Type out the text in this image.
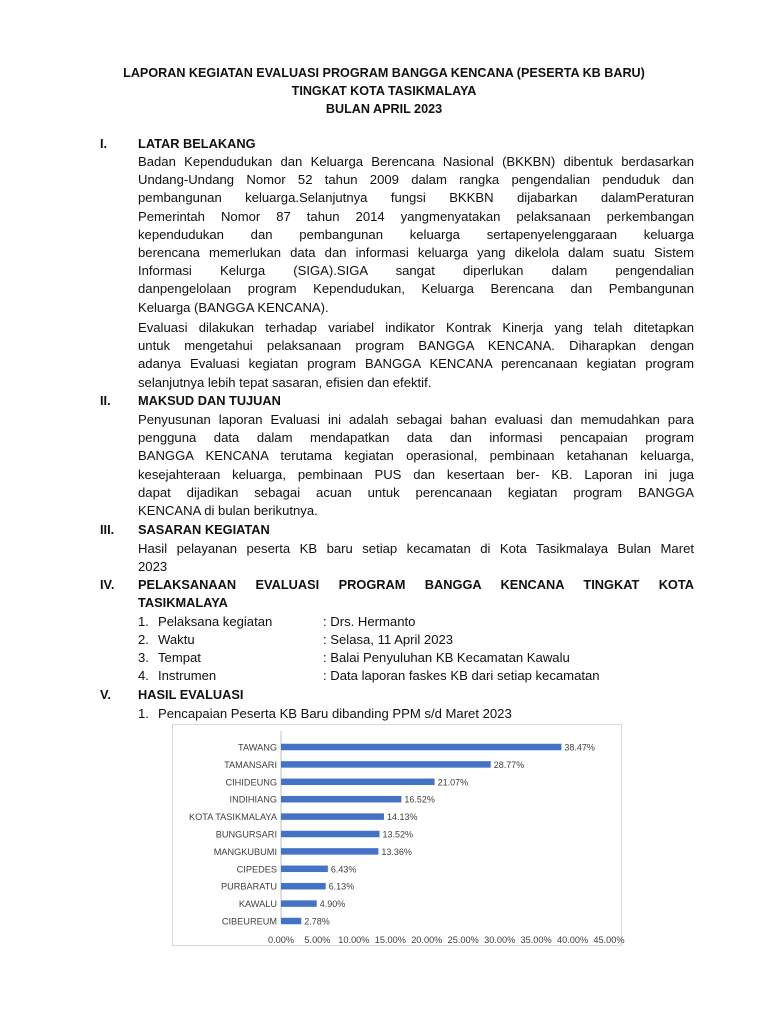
LAPORAN KEGIATAN EVALUASI PROGRAM BANGGA KENCANA (PESERTA KB BARU)
TINGKAT KOTA TASIKMALAYA
BULAN APRIL 2023
I.	LATAR BELAKANG
Badan Kependudukan dan Keluarga Berencana Nasional (BKKBN) dibentuk berdasarkan
Undang-Undang Nomor 52 tahun 2009 dalam rangka pengendalian penduduk dan
pembangunan keluarga.Selanjutnya fungsi BKKBN dijabarkan dalamPeraturan
Pemerintah Nomor 87 tahun 2014 yangmenyatakan pelaksanaan perkembangan
kependudukan dan pembangunan keluarga sertapenyelenggaraan keluarga
berencana memerlukan data dan informasi keluarga yang dikelola dalam suatu Sistem
Informasi Kelurga (SIGA).SIGA sangat diperlukan dalam pengendalian
danpengelolaan program Kependudukan, Keluarga Berencana dan Pembangunan
Keluarga (BANGGA KENCANA).
Evaluasi dilakukan terhadap variabel indikator Kontrak Kinerja yang telah ditetapkan
untuk mengetahui pelaksanaan program BANGGA KENCANA. Diharapkan dengan
adanya Evaluasi kegiatan program BANGGA KENCANA perencanaan kegiatan program
selanjutnya lebih tepat sasaran, efisien dan efektif.
II.	MAKSUD DAN TUJUAN
Penyusunan laporan Evaluasi ini adalah sebagai bahan evaluasi dan memudahkan para
pengguna data dalam mendapatkan data dan informasi pencapaian program
BANGGA KENCANA terutama kegiatan operasional, pembinaan ketahanan keluarga,
kesejahteraan keluarga, pembinaan PUS dan kesertaan ber- KB. Laporan ini juga
dapat dijadikan sebagai acuan untuk perencanaan kegiatan program BANGGA
KENCANA di bulan berikutnya.
III.	SASARAN KEGIATAN
Hasil pelayanan peserta KB baru setiap kecamatan di Kota Tasikmalaya Bulan Maret
2023
IV.	PELAKSANAAN EVALUASI PROGRAM BANGGA KENCANA TINGKAT KOTA
TASIKMALAYA
1. Pelaksana kegiatan	: Drs. Hermanto
2. Waktu	: Selasa, 11 April 2023
3. Tempat	: Balai Penyuluhan KB Kecamatan Kawalu
4. Instrumen	: Data laporan faskes KB dari setiap kecamatan
V.	HASIL EVALUASI
1. Pencapaian Peserta KB Baru dibanding PPM s/d Maret 2023
TAWANG	38.47%
TAMANSARI	28.77%
CIHIDEUNG	21.07%
INDIHIANG	16.52%
KOTA TASIKMALAYA	14.13%
BUNGURSARI	13.52%
MANGKUBUMI	13.36%
CIPEDES	6.43%
PURBARATU	6.13%
KAWALU	4.90%
CIBEUREUM	2.78%
0.00% 5.00% 10.00% 15.00% 20.00% 25.00% 30.00% 35.00% 40.00% 45.00%
